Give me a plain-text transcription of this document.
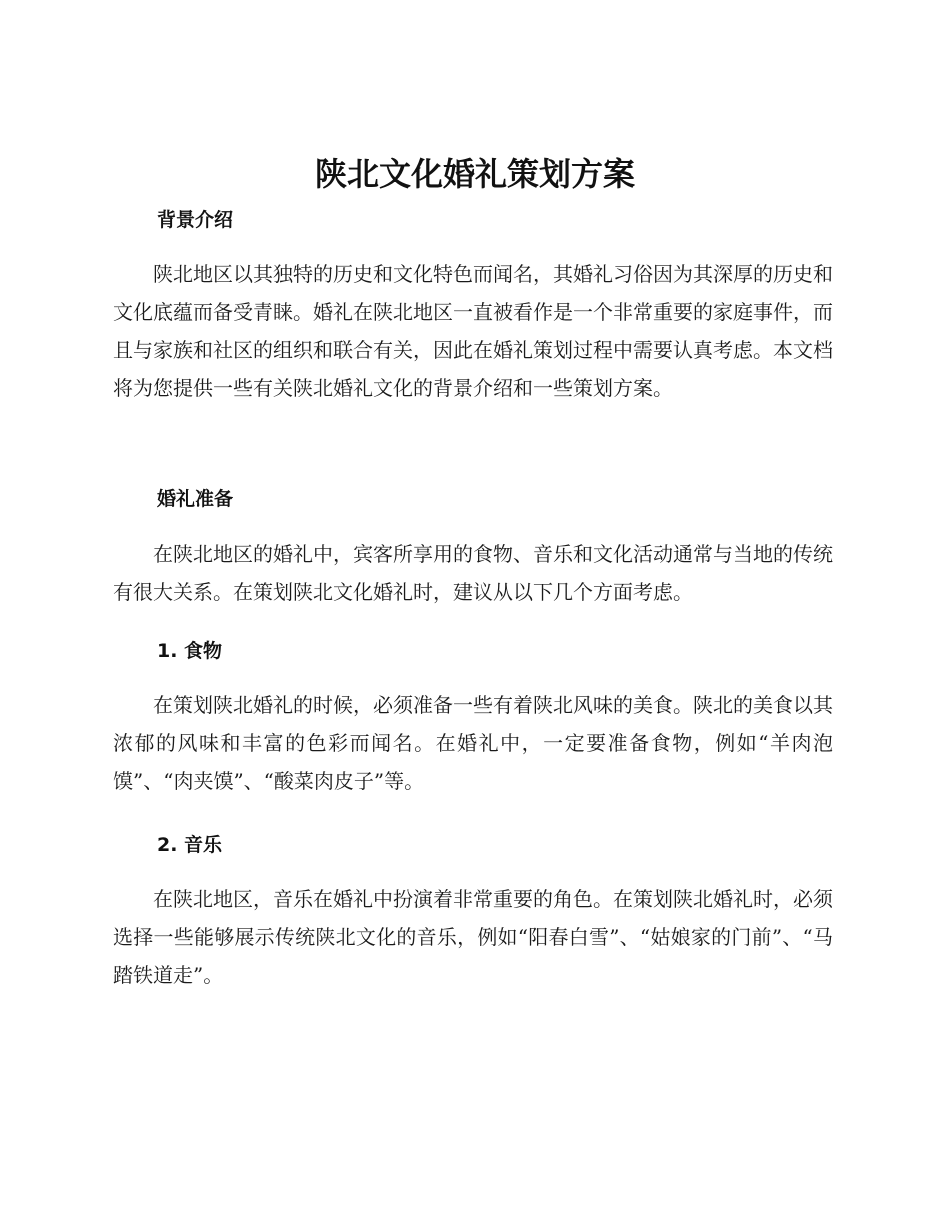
陕北文化婚礼策划方案
背景介绍

陕北地区以其独特的历史和文化特色而闻名，其婚礼习俗因为其深厚的历史和文化底蕴而备受青睐。婚礼在陕北地区一直被看作是一个非常重要的家庭事件，而且与家族和社区的组织和联合有关，因此在婚礼策划过程中需要认真考虑。本文档将为您提供一些有关陕北婚礼文化的背景介绍和一些策划方案。

婚礼准备

在陕北地区的婚礼中，宾客所享用的食物、音乐和文化活动通常与当地的传统有很大关系。在策划陕北文化婚礼时，建议从以下几个方面考虑。

1. 食物

在策划陕北婚礼的时候，必须准备一些有着陕北风味的美食。陕北的美食以其浓郁的风味和丰富的色彩而闻名。在婚礼中，一定要准备食物，例如“羊肉泡馍”、“肉夹馍”、“酸菜肉皮子”等。

2. 音乐

在陕北地区，音乐在婚礼中扮演着非常重要的角色。在策划陕北婚礼时，必须选择一些能够展示传统陕北文化的音乐，例如“阳春白雪”、“姑娘家的门前”、“马踏铁道走”。
